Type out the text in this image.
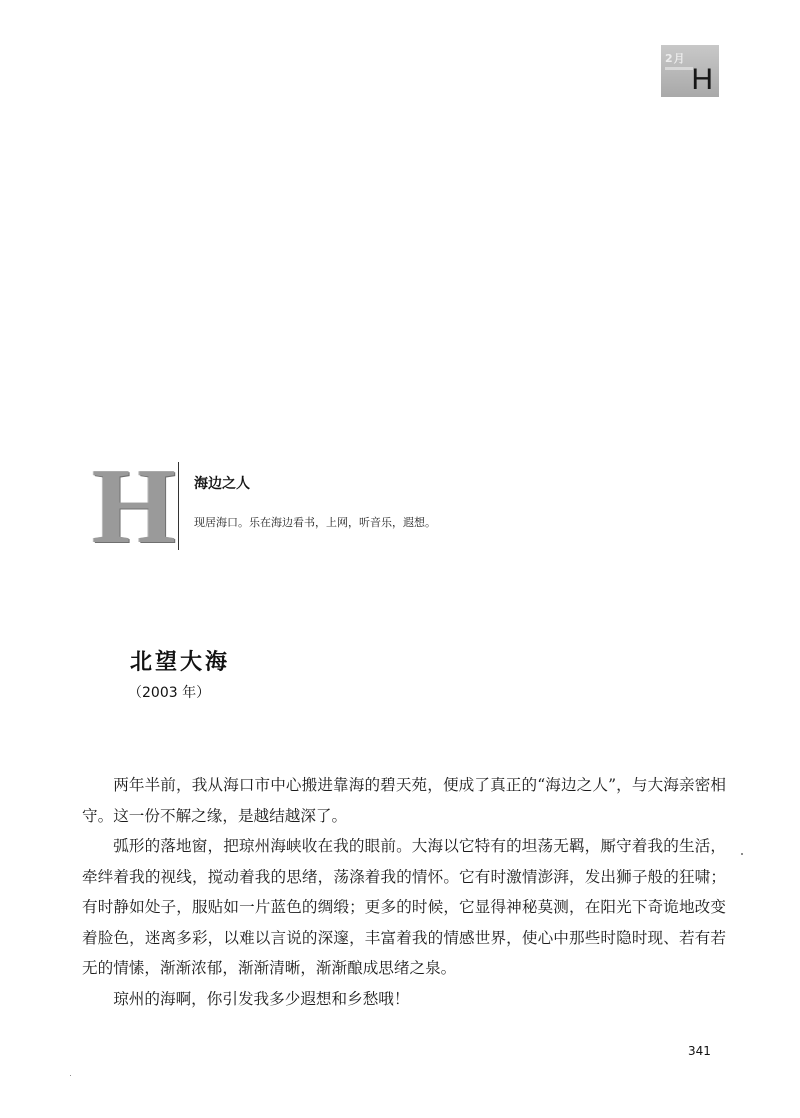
2月
H
H 海边之人
现居海口。乐在海边看书，上网，听音乐，遐想。
北望大海
（2003 年）

两年半前，我从海口市中心搬进靠海的碧天苑，便成了真正的“海边之人”，与大海亲密相守。这一份不解之缘，是越结越深了。

弧形的落地窗，把琼州海峡收在我的眼前。大海以它特有的坦荡无羁，厮守着我的生活，牵绊着我的视线，搅动着我的思绪，荡涤着我的情怀。它有时激情澎湃，发出狮子般的狂啸；有时静如处子，服贴如一片蓝色的绸缎；更多的时候，它显得神秘莫测，在阳光下奇诡地改变着脸色，迷离多彩，以难以言说的深邃，丰富着我的情感世界，使心中那些时隐时现、若有若无的情愫，渐渐浓郁，渐渐清晰，渐渐酿成思绪之泉。

琼州的海啊，你引发我多少遐想和乡愁哦！

341
